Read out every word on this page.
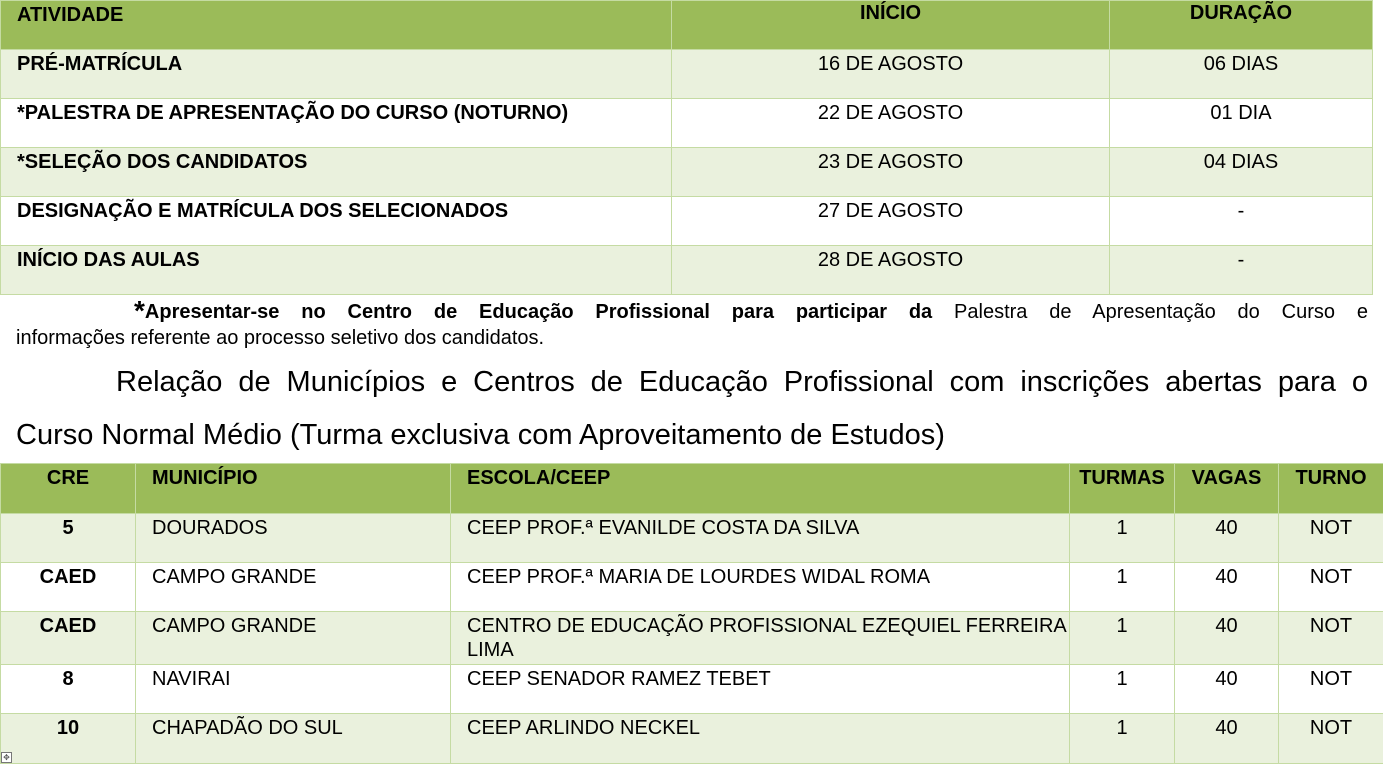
ATIVIDADE	INÍCIO	DURAÇÃO
PRÉ-MATRÍCULA	16 DE AGOSTO	06 DIAS
*PALESTRA DE APRESENTAÇÃO DO CURSO (NOTURNO)	22 DE AGOSTO	01 DIA
*SELEÇÃO DOS CANDIDATOS	23 DE AGOSTO	04 DIAS
DESIGNAÇÃO E MATRÍCULA DOS SELECIONADOS	27 DE AGOSTO	-
INÍCIO DAS AULAS	28 DE AGOSTO	-
*Apresentar-se no Centro de Educação Profissional para participar da Palestra de Apresentação do Curso e
informações referente ao processo seletivo dos candidatos.
Relação de Municípios e Centros de Educação Profissional com inscrições abertas para o
Curso Normal Médio (Turma exclusiva com Aproveitamento de Estudos)
CRE	MUNICÍPIO	ESCOLA/CEEP	TURMAS	VAGAS	TURNO
5	DOURADOS	CEEP PROF.ª EVANILDE COSTA DA SILVA	1	40	NOT
CAED	CAMPO GRANDE	CEEP PROF.ª MARIA DE LOURDES WIDAL ROMA	1	40	NOT
CAED	CAMPO GRANDE	CENTRO DE EDUCAÇÃO PROFISSIONAL EZEQUIEL FERREIRA LIMA	1	40	NOT
8	NAVIRAI	CEEP SENADOR RAMEZ TEBET	1	40	NOT
10	CHAPADÃO DO SUL	CEEP ARLINDO NECKEL	1	40	NOT
✥
